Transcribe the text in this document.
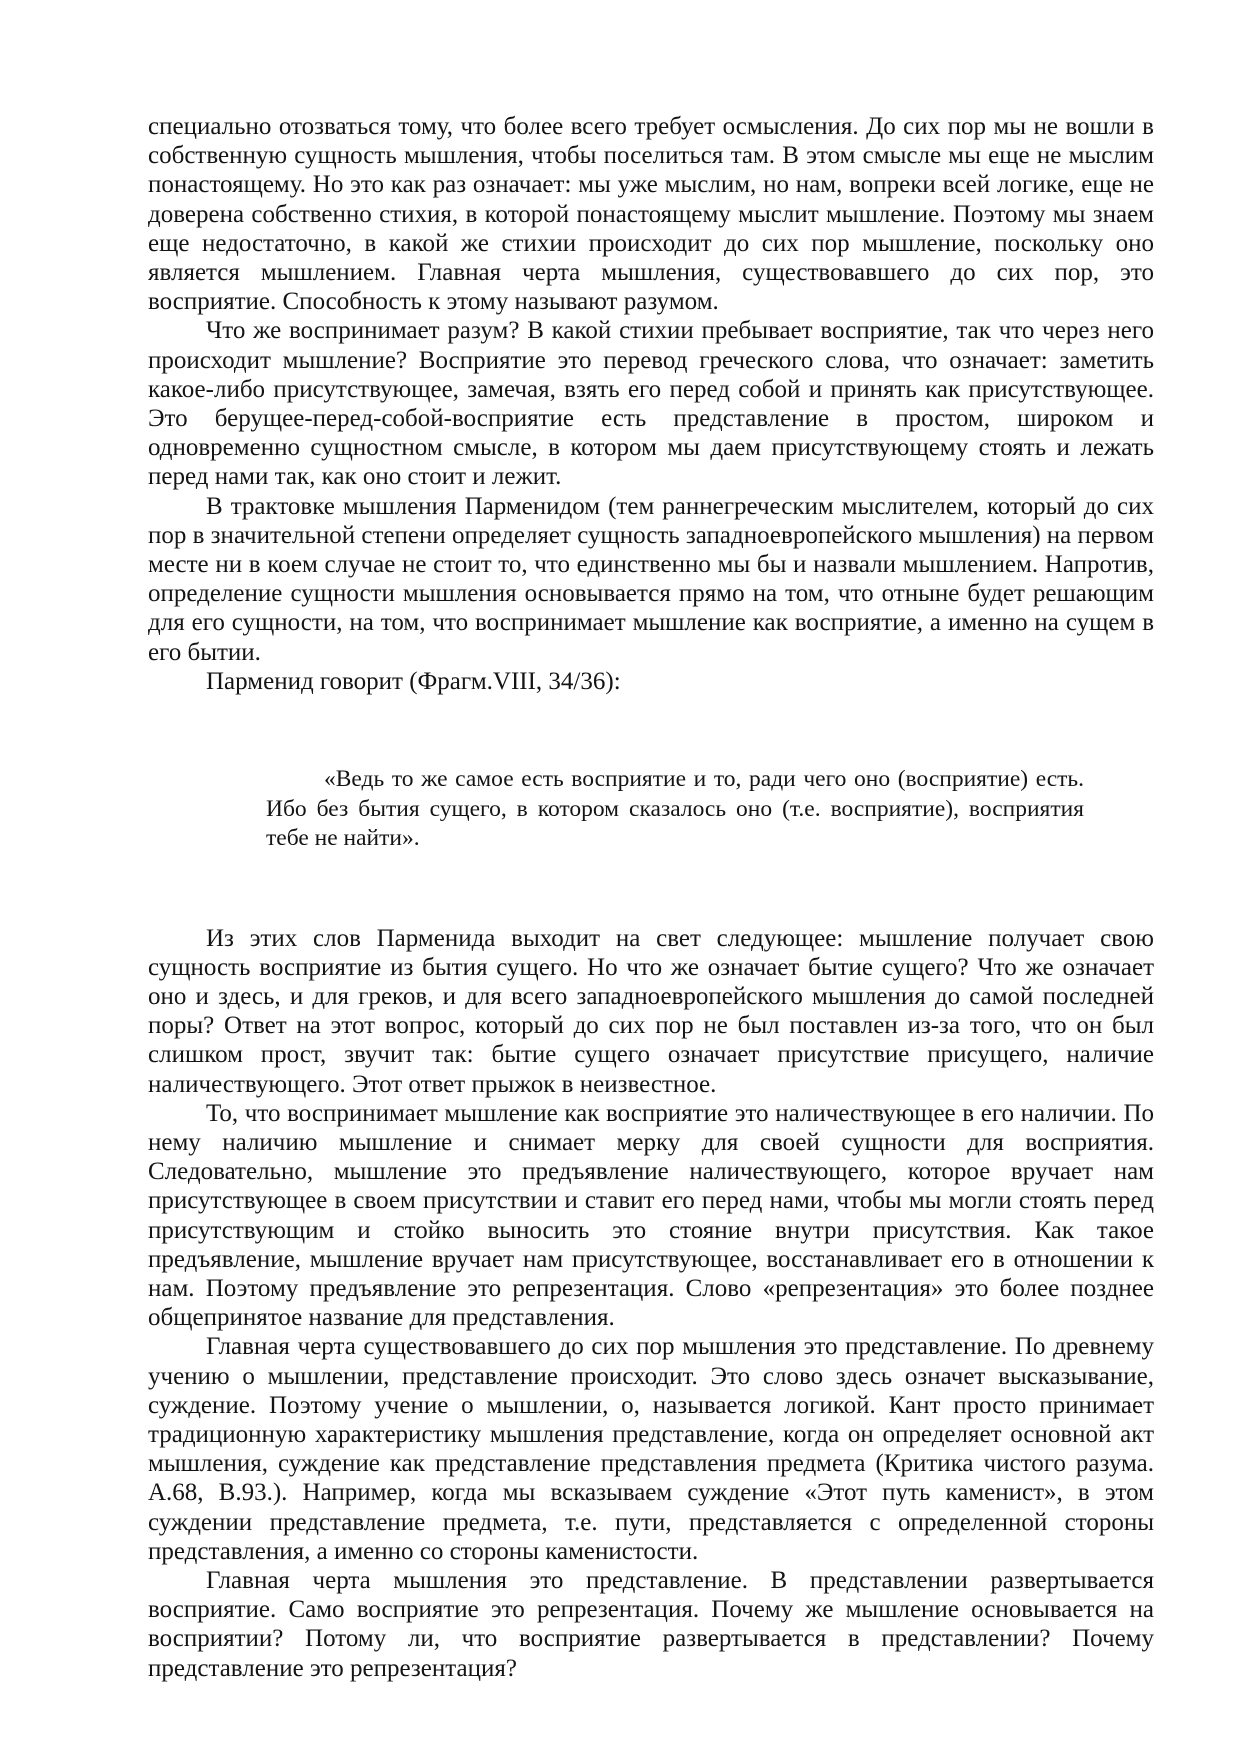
специально отозваться тому, что более всего требует осмысления. До сих пор мы не вошли в собственную сущность мышления, чтобы поселиться там. В этом смысле мы еще не мыслим понастоящему. Но это как раз означает: мы уже мыслим, но нам, вопреки всей логике, еще не доверена собственно стихия, в которой понастоящему мыслит мышление. Поэтому мы знаем еще недостаточно, в какой же стихии происходит до сих пор мышление, поскольку оно является мышлением. Главная черта мышления, существовавшего до сих пор, это восприятие. Способность к этому называют разумом.

Что же воспринимает разум? В какой стихии пребывает восприятие, так что через него происходит мышление? Восприятие это перевод греческого слова, что означает: заметить какое-либо присутствующее, замечая, взять его перед собой и принять как присутствующее. Это берущее-перед-собой-восприятие есть представление в простом, широком и одновременно сущностном смысле, в котором мы даем присутствующему стоять и лежать перед нами так, как оно стоит и лежит.

В трактовке мышления Парменидом (тем раннегреческим мыслителем, который до сих пор в значительной степени определяет сущность западноевропейского мышления) на первом месте ни в коем случае не стоит то, что единственно мы бы и назвали мышлением. Напротив, определение сущности мышления основывается прямо на том, что отныне будет решающим для его сущности, на том, что воспринимает мышление как восприятие, а именно на сущем в его бытии.

Парменид говорит (Фрагм.VIII, 34/36):

«Ведь то же самое есть восприятие и то, ради чего оно (восприятие) есть. Ибо без бытия сущего, в котором сказалось оно (т.е. восприятие), восприятия тебе не найти».

Из этих слов Парменида выходит на свет следующее: мышление получает свою сущность восприятие из бытия сущего. Но что же означает бытие сущего? Что же означает оно и здесь, и для греков, и для всего западноевропейского мышления до самой последней поры? Ответ на этот вопрос, который до сих пор не был поставлен из-за того, что он был слишком прост, звучит так: бытие сущего означает присутствие присущего, наличие наличествующего. Этот ответ прыжок в неизвестное.

То, что воспринимает мышление как восприятие это наличествующее в его наличии. По нему наличию мышление и снимает мерку для своей сущности для восприятия. Следовательно, мышление это предъявление наличествующего, которое вручает нам присутствующее в своем присутствии и ставит его перед нами, чтобы мы могли стоять перед присутствующим и стойко выносить это стояние внутри присутствия. Как такое предъявление, мышление вручает нам присутствующее, восстанавливает его в отношении к нам. Поэтому предъявление это репрезентация. Слово «репрезентация» это более позднее общепринятое название для представления.

Главная черта существовавшего до сих пор мышления это представление. По древнему учению о мышлении, представление происходит. Это слово здесь означет высказывание, суждение. Поэтому учение о мышлении, о, называется логикой. Кант просто принимает традиционную характеристику мышления представление, когда он определяет основной акт мышления, суждение как представление представления предмета (Критика чистого разума. А.68, В.93.). Например, когда мы всказываем суждение «Этот путь каменист», в этом суждении представление предмета, т.е. пути, представляется с определенной стороны представления, а именно со стороны каменистости.

Главная черта мышления это представление. В представлении развертывается восприятие. Само восприятие это репрезентация. Почему же мышление основывается на восприятии? Потому ли, что восприятие развертывается в представлении? Почему представление это репрезентация?
